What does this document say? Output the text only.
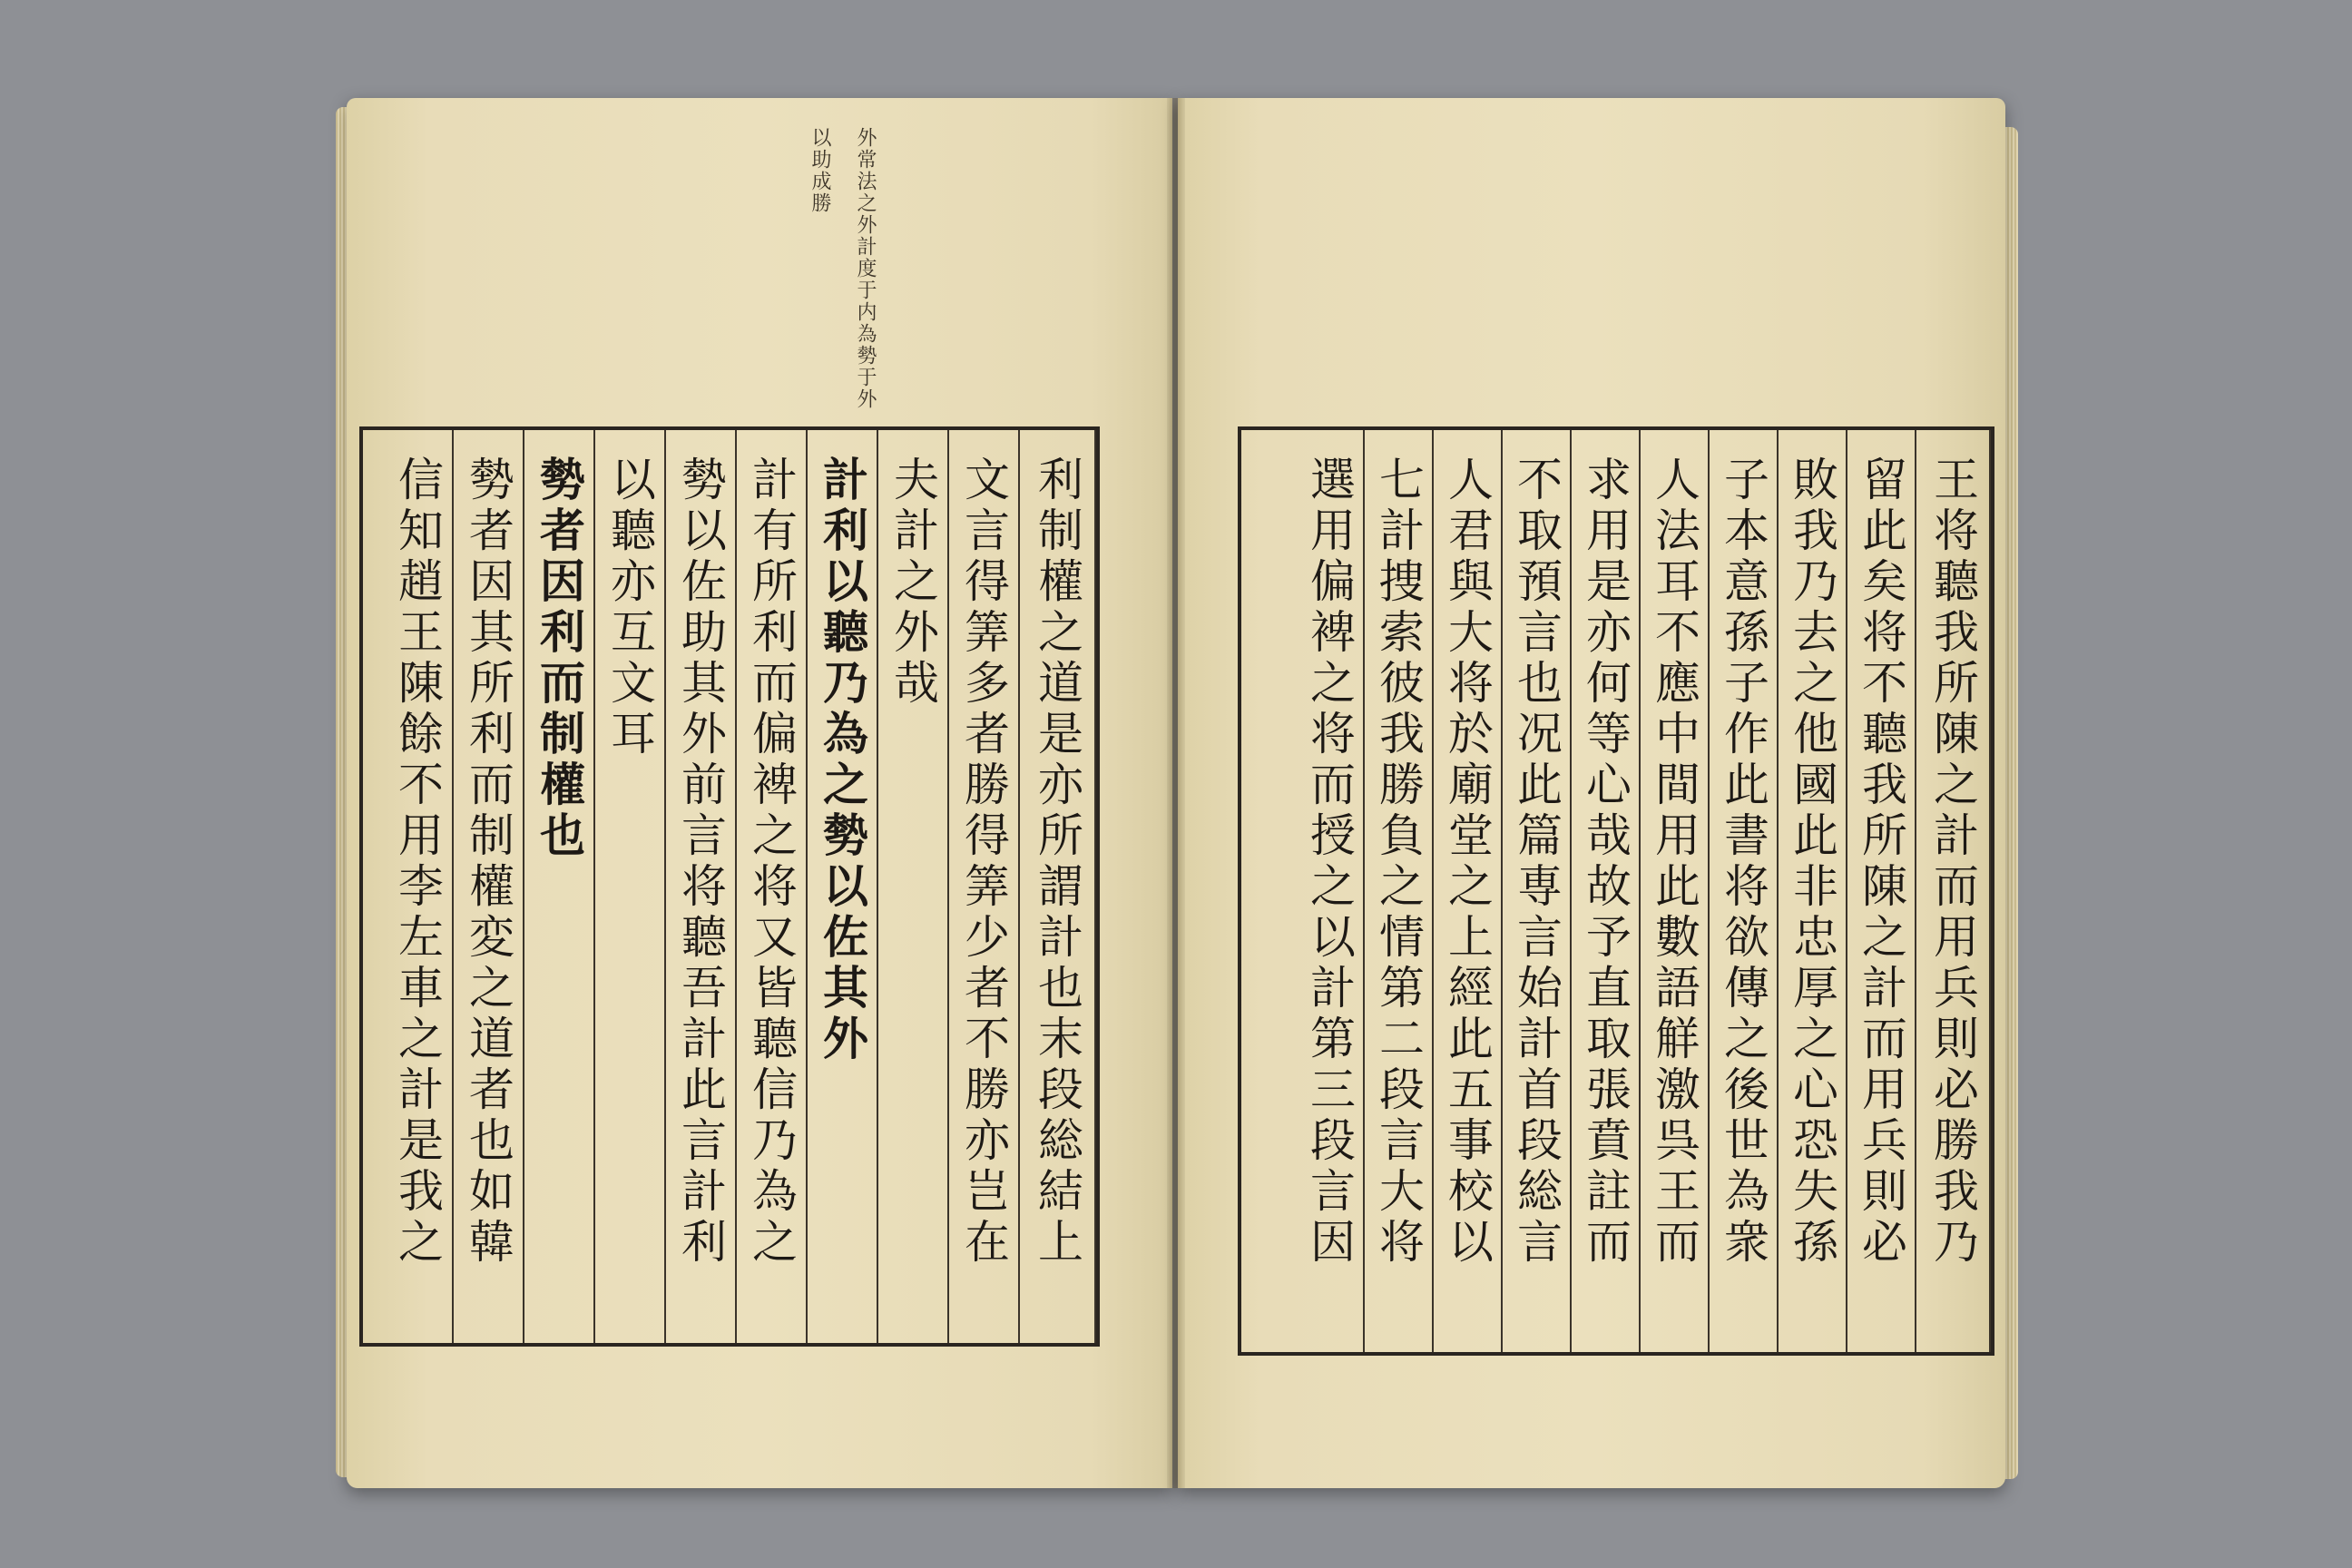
外常法之外計度于内為勢于外
以助成勝
利制權之道是亦所謂計也末段総結上
文言得筭多者勝得筭少者不勝亦岂在
夫計之外哉
計利以聽乃為之勢以佐其外
計有所利而偏裨之将又皆聽信乃為之
勢以佐助其外前言将聽吾計此言計利
以聽亦互文耳
勢者因利而制權也
勢者因其所利而制權変之道者也如韓
信知趙王陳餘不用李左車之計是我之	王将聽我所陳之計而用兵則必勝我乃
留此矣将不聽我所陳之計而用兵則必
敗我乃去之他國此非忠厚之心恐失孫
子本意孫子作此書将欲傳之後世為衆
人法耳不應中間用此數語觧激呉王而
求用是亦何等心哉故予直取張賁註而
不取預言也况此篇専言始計首段総言
人君與大将於廟堂之上經此五事校以
七計捜索彼我勝負之情第二段言大将
選用偏裨之将而授之以計第三段言因
